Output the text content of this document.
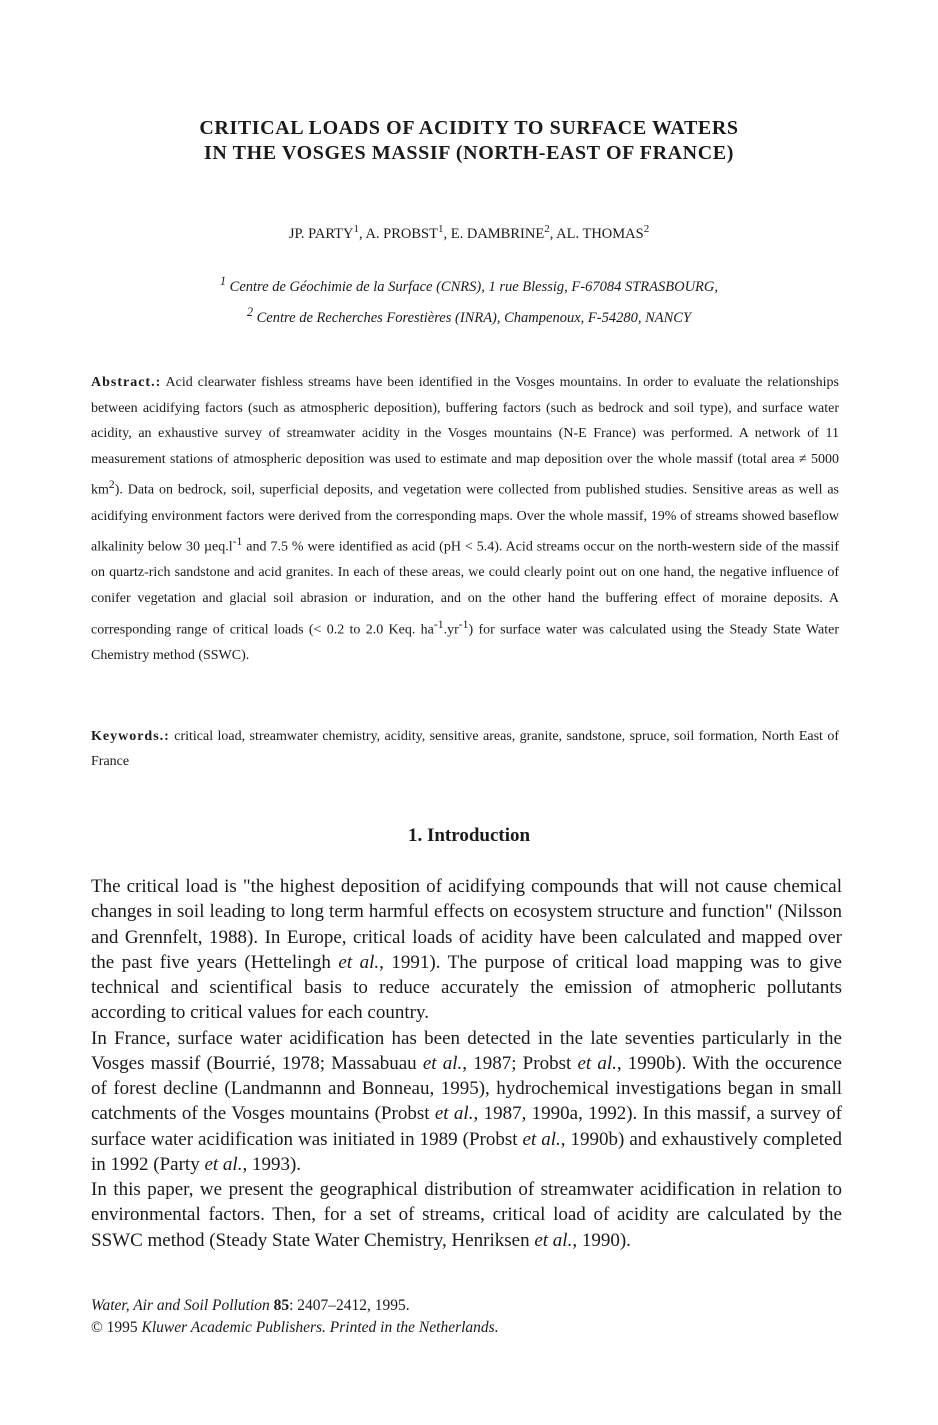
CRITICAL LOADS OF ACIDITY TO SURFACE WATERS
IN THE VOSGES MASSIF (NORTH-EAST OF FRANCE)
JP. PARTY$^1$, A. PROBST$^1$, E. DAMBRINE$^2$, AL. THOMAS$^2$
$^1$ Centre de Géochimie de la Surface (CNRS), 1 rue Blessig, F-67084 STRASBOURG,
$^2$ Centre de Recherches Forestières (INRA), Champenoux, F-54280, NANCY
Abstract.: Acid clearwater fishless streams have been identified in the Vosges mountains. In order to evaluate the relationships between acidifying factors (such as atmospheric deposition), buffering factors (such as bedrock and soil type), and surface water acidity, an exhaustive survey of streamwater acidity in the Vosges mountains (N-E France) was performed. A network of 11 measurement stations of atmospheric deposition was used to estimate and map deposition over the whole massif (total area ≠ 5000 $km^2$). Data on bedrock, soil, superficial deposits, and vegetation were collected from published studies. Sensitive areas as well as acidifying environment factors were derived from the corresponding maps. Over the whole massif, 19% of streams showed baseflow alkalinity below 30 $\mu eq.l^{-1}$ and 7.5 % were identified as acid (pH < 5.4). Acid streams occur on the north-western side of the massif on quartz-rich sandstone and acid granites. In each of these areas, we could clearly point out on one hand, the negative influence of conifer vegetation and glacial soil abrasion or induration, and on the other hand the buffering effect of moraine deposits. A corresponding range of critical loads (< 0.2 to 2.0 Keq. $ha^{-1}.yr^{-1}$) for surface water was calculated using the Steady State Water Chemistry method (SSWC).
Keywords.: critical load, streamwater chemistry, acidity, sensitive areas, granite, sandstone, spruce, soil formation, North East of France
1. Introduction

The critical load is "the highest deposition of acidifying compounds that will not cause chemical changes in soil leading to long term harmful effects on ecosystem structure and function" (Nilsson and Grennfelt, 1988). In Europe, critical loads of acidity have been calculated and mapped over the past five years (Hettelingh et al., 1991). The purpose of critical load mapping was to give technical and scientifical basis to reduce accurately the emission of atmopheric pollutants according to critical values for each country.

In France, surface water acidification has been detected in the late seventies particularly in the Vosges massif (Bourrié, 1978; Massabuau et al., 1987; Probst et al., 1990b). With the occurence of forest decline (Landmannn and Bonneau, 1995), hydrochemical investigations began in small catchments of the Vosges mountains (Probst et al., 1987, 1990a, 1992). In this massif, a survey of surface water acidification was initiated in 1989 (Probst et al., 1990b) and exhaustively completed in 1992 (Party et al., 1993).

In this paper, we present the geographical distribution of streamwater acidification in relation to environmental factors. Then, for a set of streams, critical load of acidity are calculated by the SSWC method (Steady State Water Chemistry, Henriksen et al., 1990).

Water, Air and Soil Pollution 85: 2407–2412, 1995.
© 1995 Kluwer Academic Publishers. Printed in the Netherlands.
